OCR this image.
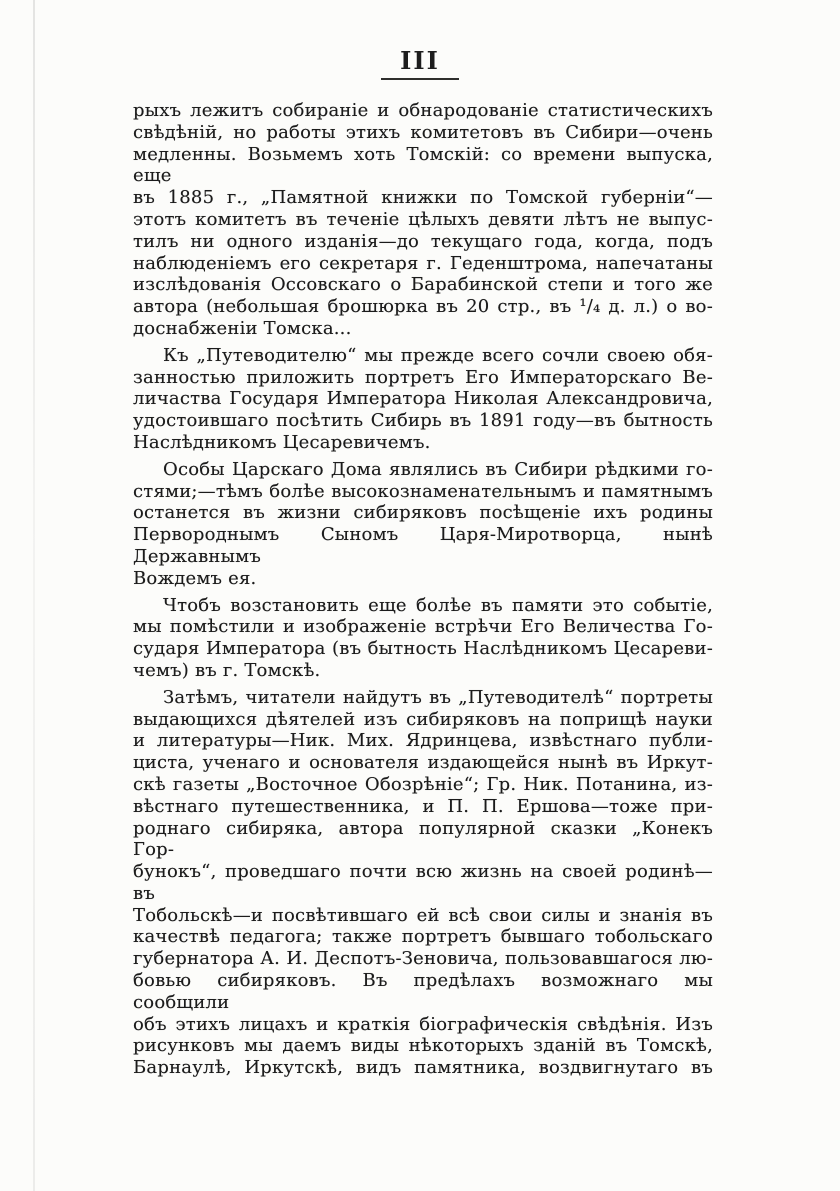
III
рыхъ лежитъ собираніе и обнародованіе статистическихъ
свѣдѣній, но работы этихъ комитетовъ въ Сибири—очень
медленны. Возьмемъ хоть Томскій: со времени выпуска, еще
въ 1885 г., „Памятной книжки по Томской губерніи“—
этотъ комитетъ въ теченіе цѣлыхъ девяти лѣтъ не выпус-
тилъ ни одного изданія—до текущаго года, когда, подъ
наблюденіемъ его секретаря г. Геденштрома, напечатаны
изслѣдованія Оссовскаго о Барабинской степи и того же
автора (небольшая брошюрка въ 20 стр., въ ¹/₄ д. л.) о во-
доснабженіи Томска...
Къ „Путеводителю“ мы прежде всего сочли своею обя-
занностью приложить портретъ Его Императорскаго Ве-
личаства Государя Императора Николая Александровича,
удостоившаго посѣтить Сибирь въ 1891 году—въ бытность
Наслѣдникомъ Цесаревичемъ.
Особы Царскаго Дома являлись въ Сибири рѣдкими го-
стями;—тѣмъ болѣе высокознаменательнымъ и памятнымъ
останется въ жизни сибиряковъ посѣщеніе ихъ родины
Первороднымъ Сыномъ Царя-Миротворца, нынѣ Державнымъ
Вождемъ ея.
Чтобъ возстановить еще болѣе въ памяти это событіе,
мы помѣстили и изображеніе встрѣчи Его Величества Го-
сударя Императора (въ бытность Наслѣдникомъ Цесареви-
чемъ) въ г. Томскѣ.
Затѣмъ, читатели найдутъ въ „Путеводителѣ“ портреты
выдающихся дѣятелей изъ сибиряковъ на поприщѣ науки
и литературы—Ник. Мих. Ядринцева, извѣстнаго публи-
циста, ученаго и основателя издающейся нынѣ въ Иркут-
скѣ газеты „Восточное Обозрѣніе“; Гр. Ник. Потанина, из-
вѣстнаго путешественника, и П. П. Ершова—тоже при-
роднаго сибиряка, автора популярной сказки „Конекъ Гор-
бунокъ“, проведшаго почти всю жизнь на своей родинѣ—въ
Тобольскѣ—и посвѣтившаго ей всѣ свои силы и знанія въ
качествѣ педагога; также портретъ бывшаго тобольскаго
губернатора А. И. Деспотъ-Зеновича, пользовавшагося лю-
бовью сибиряковъ. Въ предѣлахъ возможнаго мы сообщили
объ этихъ лицахъ и краткія біографическія свѣдѣнія. Изъ
рисунковъ мы даемъ виды нѣкоторыхъ зданій въ Томскѣ,
Барнаулѣ, Иркутскѣ, видъ памятника, воздвигнутаго въ
